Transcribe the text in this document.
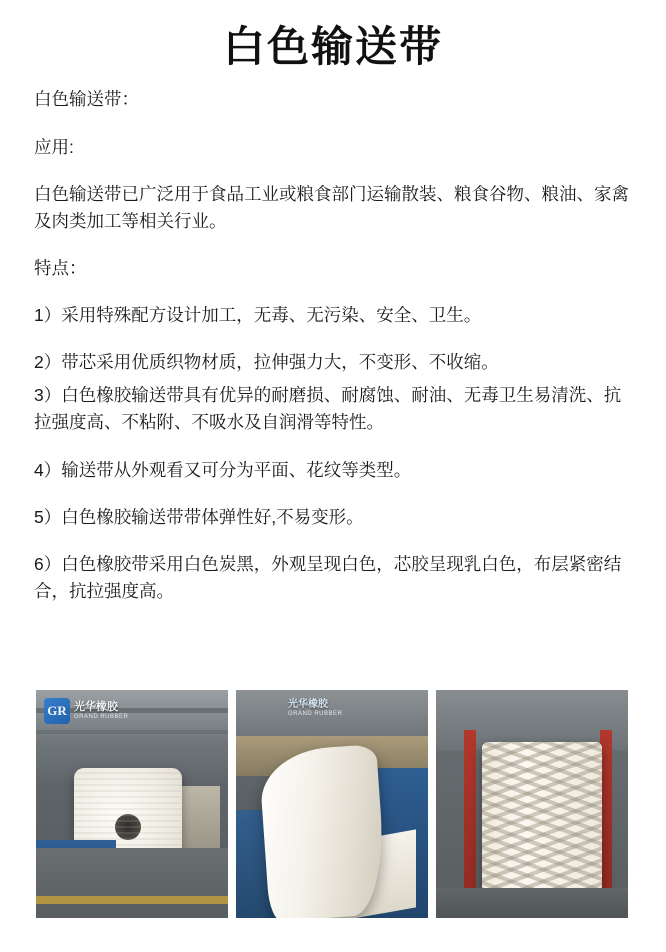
白色输送带

白色输送带：

应用:

白色输送带已广泛用于食品工业或粮食部门运输散装、粮食谷物、粮油、家禽及肉类加工等相关行业。

特点：

1）采用特殊配方设计加工，无毒、无污染、安全、卫生。

2）带芯采用优质织物材质，拉伸强力大，不变形、不收缩。

3）白色橡胶输送带具有优异的耐磨损、耐腐蚀、耐油、无毒卫生易清洗、抗拉强度高、不粘附、不吸水及自润滑等特性。

4）输送带从外观看又可分为平面、花纹等类型。

5）白色橡胶输送带带体弹性好,不易变形。

6）白色橡胶带采用白色炭黑，外观呈现白色，芯胶呈现乳白色，布层紧密结合，抗拉强度高。

GR 光华橡胶
GRAND RUBBER
光华橡胶
GRAND RUBBER
